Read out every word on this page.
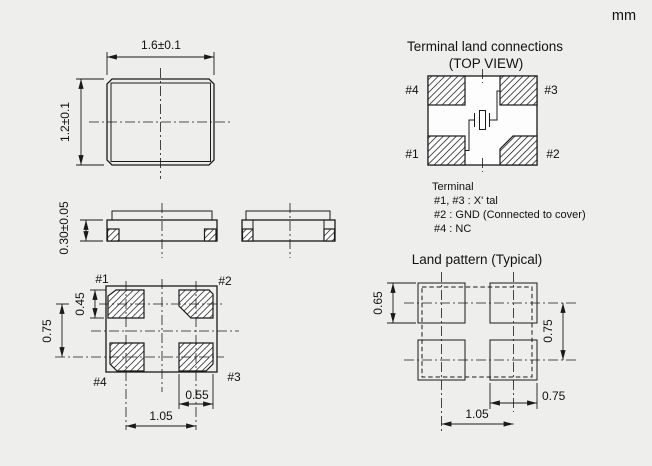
mm
1.6±0.1
1.2±0.1
0.30±0.05
#1	#2
#4	#3
0.45
0.75
0.55
1.05
Terminal land connections
(TOP VIEW)
#4	#3
#1	#2
Terminal
#1, #3 : X' tal
#2 : GND (Connected to cover)
#4 : NC
Land pattern (Typical)
0.65
0.75
0.75
1.05
